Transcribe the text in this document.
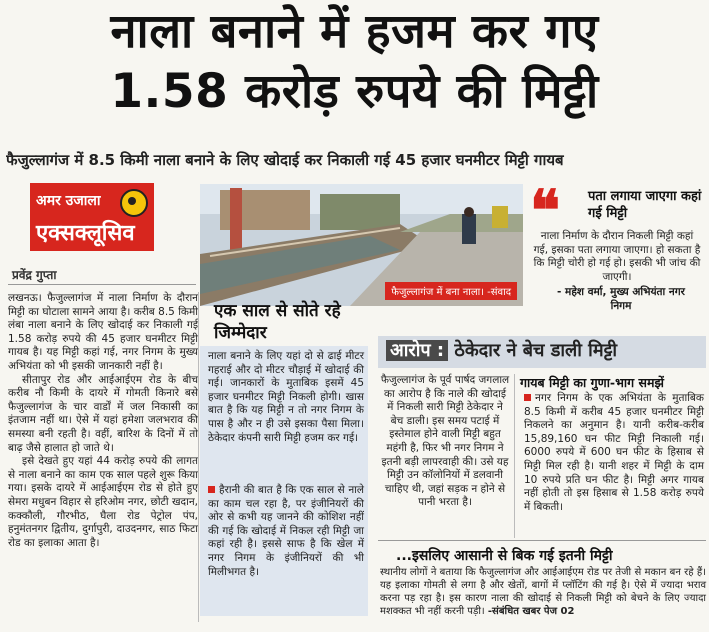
नाला बनाने में हजम कर गए
1.58 करोड़ रुपये की मिट्टी
फैजुल्लागंज में 8.5 किमी नाला बनाने के लिए खोदाई कर निकाली गई 45 हजार घनमीटर मिट्टी गायब
अमर उजाला
एक्सक्लूसिव
प्रवेंद्र गुप्ता

लखनऊ। फैजुल्लागंज में नाला निर्माण के दौरान मिट्टी का घोटाला सामने आया है। करीब 8.5 किमी लंबा नाला बनाने के लिए खोदाई कर निकाली गई 1.58 करोड़ रुपये की 45 हजार घनमीटर मिट्टी गायब है। यह मिट्टी कहां गई, नगर निगम के मुख्य अभियंता को भी इसकी जानकारी नहीं है।

सीतापुर रोड और आईआईएम रोड के बीच करीब नौ किमी के दायरे में गोमती किनारे बसे फैजुल्लागंज के चार वार्डों में जल निकासी का इंतजाम नहीं था। ऐसे में यहां हमेशा जलभराव की समस्या बनी रहती है। वहीं, बारिश के दिनों में तो बाढ़ जैसे हालात हो जाते थे।

इसे देखते हुए यहां 44 करोड़ रुपये की लागत से नाला बनाने का काम एक साल पहले शुरू किया गया। इसके दायरे में आईआईएम रोड से होते हुए सेमरा मधुबन विहार से हरिओम नगर, छोटी खदान, कक्कौली, गौरभीठ, घैला रोड पेट्रोल पंप, हनुमंतनगर द्वितीय, दुर्गापुरी, दाउदनगर, साठ फिटा रोड का इलाका आता है।

फैजुल्लागंज में बना नाला। -संवाद
❝ पता लगाया जाएगा कहां गई मिट्टी
नाला निर्माण के दौरान निकली मिट्टी कहां गई, इसका पता लगाया जाएगा। हो सकता है कि मिट्टी चोरी हो गई हो। इसकी भी जांच की जाएगी।
- महेश वर्मा, मुख्य अभियंता नगर निगम
एक साल से सोते रहे जिम्मेदार
नाला बनाने के लिए यहां दो से ढाई मीटर गहराई और दो मीटर चौड़ाई में खोदाई की गई। जानकारों के मुताबिक इसमें 45 हजार घनमीटर मिट्टी निकली होगी। खास बात है कि यह मिट्टी न तो नगर निगम के पास है और न ही उसे इसका पैसा मिला। ठेकेदार कंपनी सारी मिट्टी हजम कर गई।
हैरानी की बात है कि एक साल से नाले का काम चल रहा है, पर इंजीनियरों की ओर से कभी यह जानने की कोशिश नहीं की गई कि खोदाई में निकल रही मिट्टी जा कहां रही है। इससे साफ है कि खेल में नगर निगम के इंजीनियरों की भी मिलीभगत है।
आरोप : ठेकेदार ने बेच डाली मिट्टी
फैजुल्लागंज के पूर्व पार्षद जगलाल का आरोप है कि नाले की खोदाई में निकली सारी मिट्टी ठेकेदार ने बेच डाली। इस समय पटाई में इस्तेमाल होने वाली मिट्टी बहुत महंगी है, फिर भी नगर निगम ने इतनी बड़ी लापरवाही की। उसे यह मिट्टी उन कॉलोनियों में डलवानी चाहिए थी, जहां सड़क न होने से पानी भरता है।
गायब मिट्टी का गुणा-भाग समझें
नगर निगम के एक अभियंता के मुताबिक 8.5 किमी में करीब 45 हजार घनमीटर मिट्टी निकलने का अनुमान है। यानी करीब-करीब 15,89,160 घन फीट मिट्टी निकाली गई। 6000 रुपये में 600 घन फीट के हिसाब से मिट्टी मिल रही है। यानी शहर में मिट्टी के दाम 10 रुपये प्रति घन फीट है। मिट्टी अगर गायब नहीं होती तो इस हिसाब से 1.58 करोड़ रुपये में बिकती।
...इसलिए आसानी से बिक गई इतनी मिट्टी
स्थानीय लोगों ने बताया कि फैजुल्लागंज और आईआईएम रोड पर तेजी से मकान बन रहे हैं। यह इलाका गोमती से लगा है और खेतों, बागों में प्लॉटिंग की गई है। ऐसे में ज्यादा भराव करना पड़ रहा है। इस कारण नाला की खोदाई से निकली मिट्टी को बेचने के लिए ज्यादा मशक्कत भी नहीं करनी पड़ी। -संबंधित खबर पेज 02
